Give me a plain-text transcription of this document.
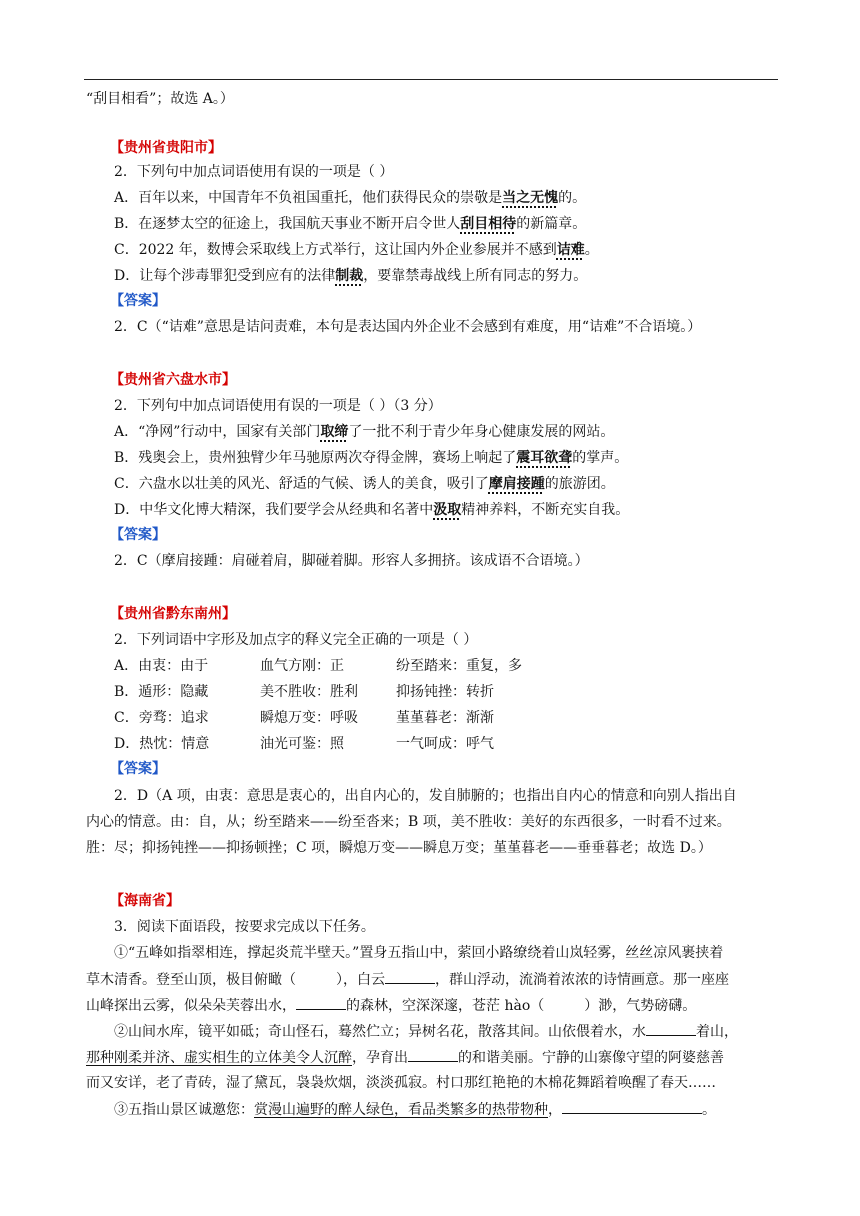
“刮目相看”；故选 A。）
【贵州省贵阳市】
2．下列句中加点词语使用有误的一项是（ ）
A．百年以来，中国青年不负祖国重托，他们获得民众的崇敬是当之无愧的。
B．在逐梦太空的征途上，我国航天事业不断开启令世人刮目相待的新篇章。
C．2022 年，数博会采取线上方式举行，这让国内外企业参展并不感到诘难。
D．让每个涉毒罪犯受到应有的法律制裁，要靠禁毒战线上所有同志的努力。
【答案】
2．C（“诘难”意思是诘问责难，本句是表达国内外企业不会感到有难度，用“诘难”不合语境。）
【贵州省六盘水市】
2．下列句中加点词语使用有误的一项是（ ）（3 分）
A．“净网”行动中，国家有关部门取缔了一批不利于青少年身心健康发展的网站。
B．残奥会上，贵州独臂少年马驰原两次夺得金牌，赛场上响起了震耳欲聋的掌声。
C．六盘水以壮美的风光、舒适的气候、诱人的美食，吸引了摩肩接踵的旅游团。
D．中华文化博大精深，我们要学会从经典和名著中汲取精神养料，不断充实自我。
【答案】
2．C（摩肩接踵：肩碰着肩，脚碰着脚。形容人多拥挤。该成语不合语境。）
【贵州省黔东南州】
2．下列词语中字形及加点字的释义完全正确的一项是（ ）
A．由衷：由于	血气方刚：正	纷至踏来：重复，多
B．遁形：隐藏	美不胜收：胜利	抑扬钝挫：转折
C．旁骛：追求	瞬熄万变：呼吸	堇堇暮老：渐渐
D．热忱：情意	油光可鉴：照	一气呵成：呼气
【答案】
2．D（A 项，由衷：意思是衷心的，出自内心的，发自肺腑的；也指出自内心的情意和向别人指出自
内心的情意。由：自，从；纷至踏来——纷至沓来；B 项，美不胜收：美好的东西很多，一时看不过来。
胜：尽；抑扬钝挫——抑扬顿挫；C 项，瞬熄万变——瞬息万变；堇堇暮老——垂垂暮老；故选 D。）
【海南省】
3．阅读下面语段，按要求完成以下任务。
①“五峰如指翠相连，撑起炎荒半壁天。”置身五指山中，萦回小路缭绕着山岚轻雾，丝丝凉风裹挟着
草木清香。登至山顶，极目俯瞰（	），白云	，群山浮动，流淌着浓浓的诗情画意。那一座座
山峰探出云雾，似朵朵芙蓉出水，	的森林，空深深邃，苍茫 hào（	）渺，气势磅礴。
②山间水库，镜平如砥；奇山怪石，蓦然伫立；异树名花，散落其间。山依偎着水，水	着山，
那种刚柔并济、虚实相生的立体美令人沉醉，孕育出	的和谐美丽。宁静的山寨像守望的阿婆慈善
而又安详，老了青砖，湿了黛瓦，袅袅炊烟，淡淡孤寂。村口那红艳艳的木棉花舞蹈着唤醒了春天……
③五指山景区诚邀您：赏漫山遍野的醉人绿色，看品类繁多的热带物种，	。
